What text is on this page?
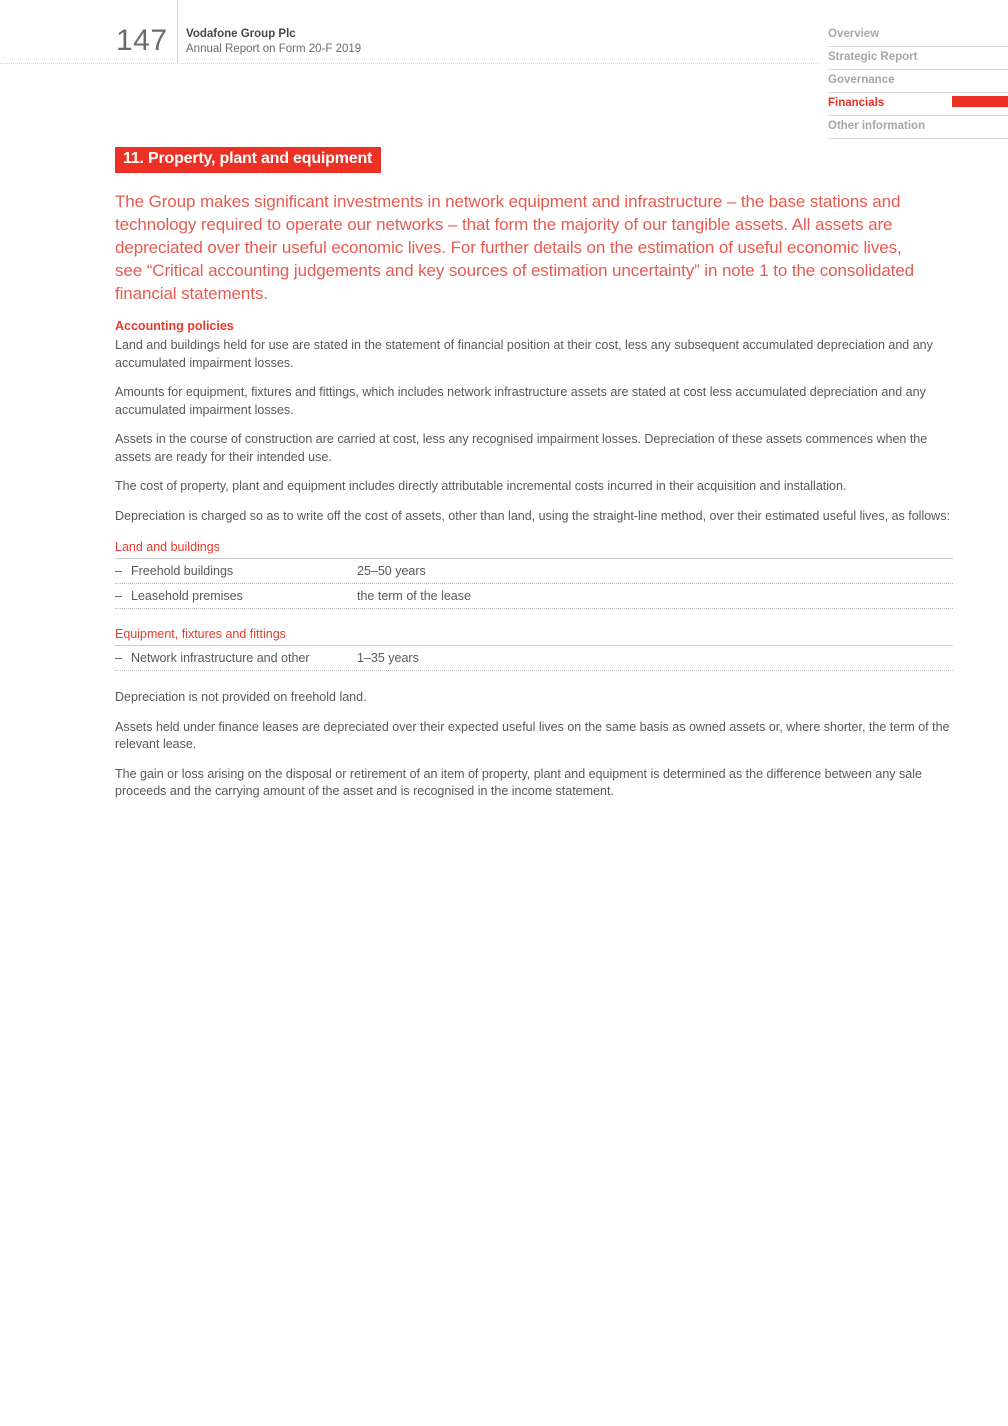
147 Vodafone Group Plc
Annual Report on Form 20-F 2019
Overview
Strategic Report
Governance
Financials
Other information
11. Property, plant and equipment

The Group makes significant investments in network equipment and infrastructure – the base stations and technology required to operate our networks – that form the majority of our tangible assets. All assets are depreciated over their useful economic lives. For further details on the estimation of useful economic lives, see “Critical accounting judgements and key sources of estimation uncertainty” in note 1 to the consolidated financial statements.

Accounting policies

Land and buildings held for use are stated in the statement of financial position at their cost, less any subsequent accumulated depreciation and any accumulated impairment losses.

Amounts for equipment, fixtures and fittings, which includes network infrastructure assets are stated at cost less accumulated depreciation and any accumulated impairment losses.

Assets in the course of construction are carried at cost, less any recognised impairment losses. Depreciation of these assets commences when the assets are ready for their intended use.

The cost of property, plant and equipment includes directly attributable incremental costs incurred in their acquisition and installation.

Depreciation is charged so as to write off the cost of assets, other than land, using the straight-line method, over their estimated useful lives, as follows:

Land and buildings
– Freehold buildings	25–50 years
– Leasehold premises	the term of the lease
Equipment, fixtures and fittings
– Network infrastructure and other	1–35 years

Depreciation is not provided on freehold land.

Assets held under finance leases are depreciated over their expected useful lives on the same basis as owned assets or, where shorter, the term of the relevant lease.

The gain or loss arising on the disposal or retirement of an item of property, plant and equipment is determined as the difference between any sale proceeds and the carrying amount of the asset and is recognised in the income statement.
